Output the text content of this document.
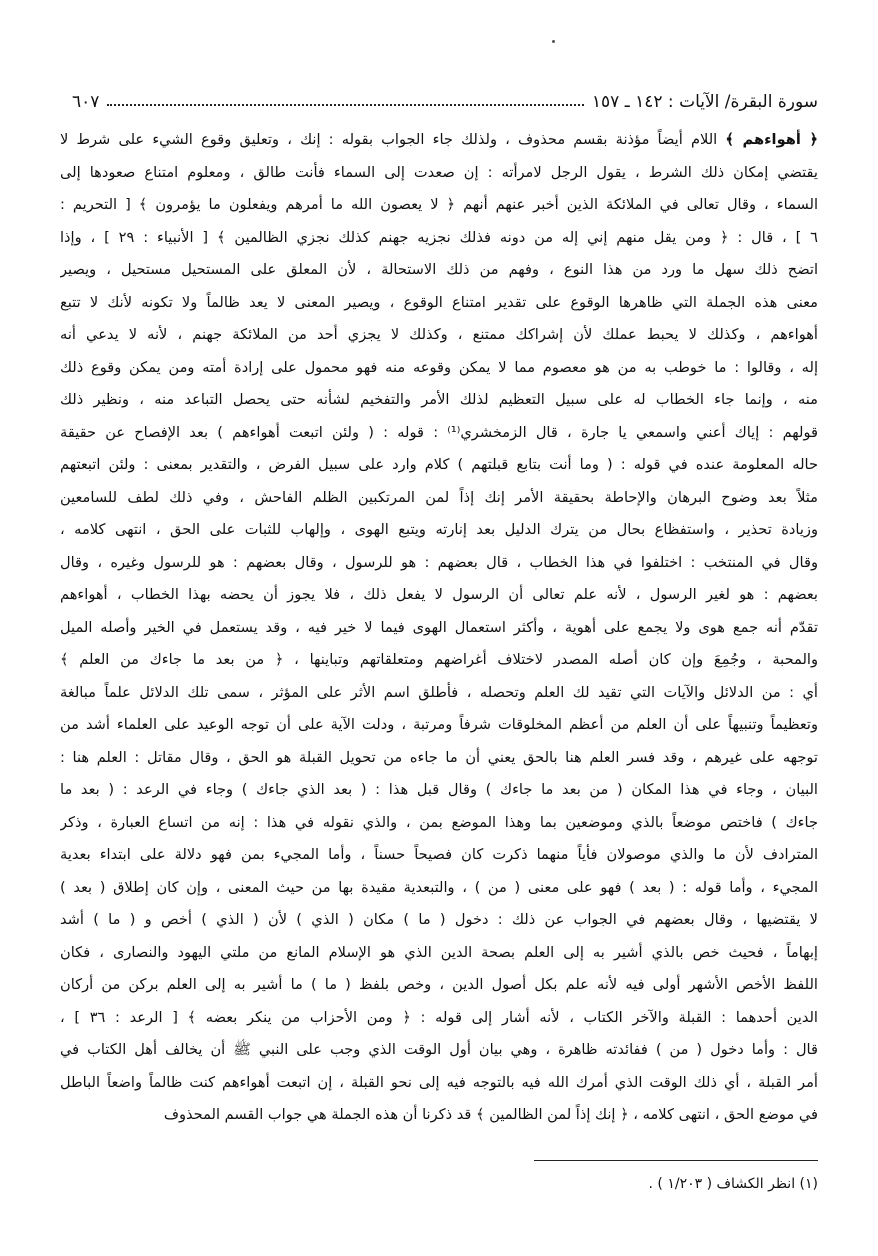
سورة البقرة/ الآيات : ١٤٢ ـ ١٥٧
٦٠٧
﴿ أهواءهم ﴾ اللام أيضاً مؤذنة بقسم محذوف ، ولذلك جاء الجواب بقوله : إنك ، وتعليق وقوع الشيء على شرط لا
يقتضي إمكان ذلك الشرط ، يقول الرجل لامرأته : إن صعدت إلى السماء فأنت طالق ، ومعلوم امتناع صعودها إلى
السماء ، وقال تعالى في الملائكة الذين أخبر عنهم أنهم ﴿ لا يعصون الله ما أمرهم ويفعلون ما يؤمرون ﴾ [ التحريم :
٦ ] ، قال : ﴿ ومن يقل منهم إني إله من دونه فذلك نجزيه جهنم كذلك نجزي الظالمين ﴾ [ الأنبياء : ٢٩ ] ، وإذا
اتضح ذلك سهل ما ورد من هذا النوع ، وفهم من ذلك الاستحالة ، لأن المعلق على المستحيل مستحيل ، ويصير
معنى هذه الجملة التي ظاهرها الوقوع على تقدير امتناع الوقوع ، ويصير المعنى لا يعد ظالماً ولا تكونه لأنك لا تتبع
أهواءهم ، وكذلك لا يحبط عملك لأن إشراكك ممتنع ، وكذلك لا يجزي أحد من الملائكة جهنم ، لأنه لا يدعي أنه
إله ، وقالوا : ما خوطب به من هو معصوم مما لا يمكن وقوعه منه فهو محمول على إرادة أمته ومن يمكن وقوع ذلك
منه ، وإنما جاء الخطاب له على سبيل التعظيم لذلك الأمر والتفخيم لشأنه حتى يحصل التباعد منه ، ونظير ذلك
قولهم : إياك أعني واسمعي يا جارة ، قال الزمخشري⁽¹⁾ : قوله : ( ولئن اتبعت أهواءهم ) بعد الإفصاح عن حقيقة
حاله المعلومة عنده في قوله : ( وما أنت بتابع قبلتهم ) كلام وارد على سبيل الفرض ، والتقدير بمعنى : ولئن اتبعتهم
مثلاً بعد وضوح البرهان والإحاطة بحقيقة الأمر إنك إذاً لمن المرتكبين الظلم الفاحش ، وفي ذلك لطف للسامعين
وزيادة تحذير ، واستفظاع بحال من يترك الدليل بعد إنارته ويتبع الهوى ، وإلهاب للثبات على الحق ، انتهى كلامه ،
وقال في المنتخب : اختلفوا في هذا الخطاب ، قال بعضهم : هو للرسول ، وقال بعضهم : هو للرسول وغيره ، وقال
بعضهم : هو لغير الرسول ، لأنه علم تعالى أن الرسول لا يفعل ذلك ، فلا يجوز أن يحضه بهذا الخطاب ، أهواءهم
تقدّم أنه جمع هوى ولا يجمع على أهوية ، وأكثر استعمال الهوى فيما لا خير فيه ، وقد يستعمل في الخير وأصله الميل
والمحبة ، وجُمِعَ وإن كان أصله المصدر لاختلاف أغراضهم ومتعلقاتهم وتباينها ، ﴿ من بعد ما جاءك من العلم ﴾
أي : من الدلائل والآيات التي تقيد لك العلم وتحصله ، فأطلق اسم الأثر على المؤثر ، سمى تلك الدلائل علماً مبالغة
وتعظيماً وتنبيهاً على أن العلم من أعظم المخلوقات شرفاً ومرتبة ، ودلت الآية على أن توجه الوعيد على العلماء أشد من
توجهه على غيرهم ، وقد فسر العلم هنا بالحق يعني أن ما جاءه من تحويل القبلة هو الحق ، وقال مقاتل : العلم هنا :
البيان ، وجاء في هذا المكان ( من بعد ما جاءك ) وقال قبل هذا : ( بعد الذي جاءك ) وجاء في الرعد : ( بعد ما
جاءك ) فاختص موضعاً بالذي وموضعين بما وهذا الموضع بمن ، والذي نقوله في هذا : إنه من اتساع العبارة ، وذكر
المترادف لأن ما والذي موصولان فأياً منهما ذكرت كان فصيحاً حسناً ، وأما المجيء بمن فهو دلالة على ابتداء بعدية
المجيء ، وأما قوله : ( بعد ) فهو على معنى ( من ) ، والتبعدية مقيدة بها من حيث المعنى ، وإن كان إطلاق ( بعد )
لا يقتضيها ، وقال بعضهم في الجواب عن ذلك : دخول ( ما ) مكان ( الذي ) لأن ( الذي ) أخص و ( ما ) أشد
إبهاماً ، فحيث خص بالذي أشير به إلى العلم بصحة الدين الذي هو الإسلام المانع من ملتي اليهود والنصارى ، فكان
اللفظ الأخص الأشهر أولى فيه لأنه علم بكل أصول الدين ، وخص بلفظ ( ما ) ما أشير به إلى العلم بركن من أركان
الدين أحدهما : القبلة والآخر الكتاب ، لأنه أشار إلى قوله : ﴿ ومن الأحزاب من ينكر بعضه ﴾ [ الرعد : ٣٦ ] ،
قال : وأما دخول ( من ) ففائدته ظاهرة ، وهي بيان أول الوقت الذي وجب على النبي ﷺ أن يخالف أهل الكتاب في
أمر القبلة ، أي ذلك الوقت الذي أمرك الله فيه بالتوجه فيه إلى نحو القبلة ، إن اتبعت أهواءهم كنت ظالماً واضعاً الباطل
في موضع الحق ، انتهى كلامه ، ﴿ إنك إذاً لمن الظالمين ﴾ قد ذكرنا أن هذه الجملة هي جواب القسم المحذوف
(١) انظر الكشاف ( ١/٢٠٣ ) .
